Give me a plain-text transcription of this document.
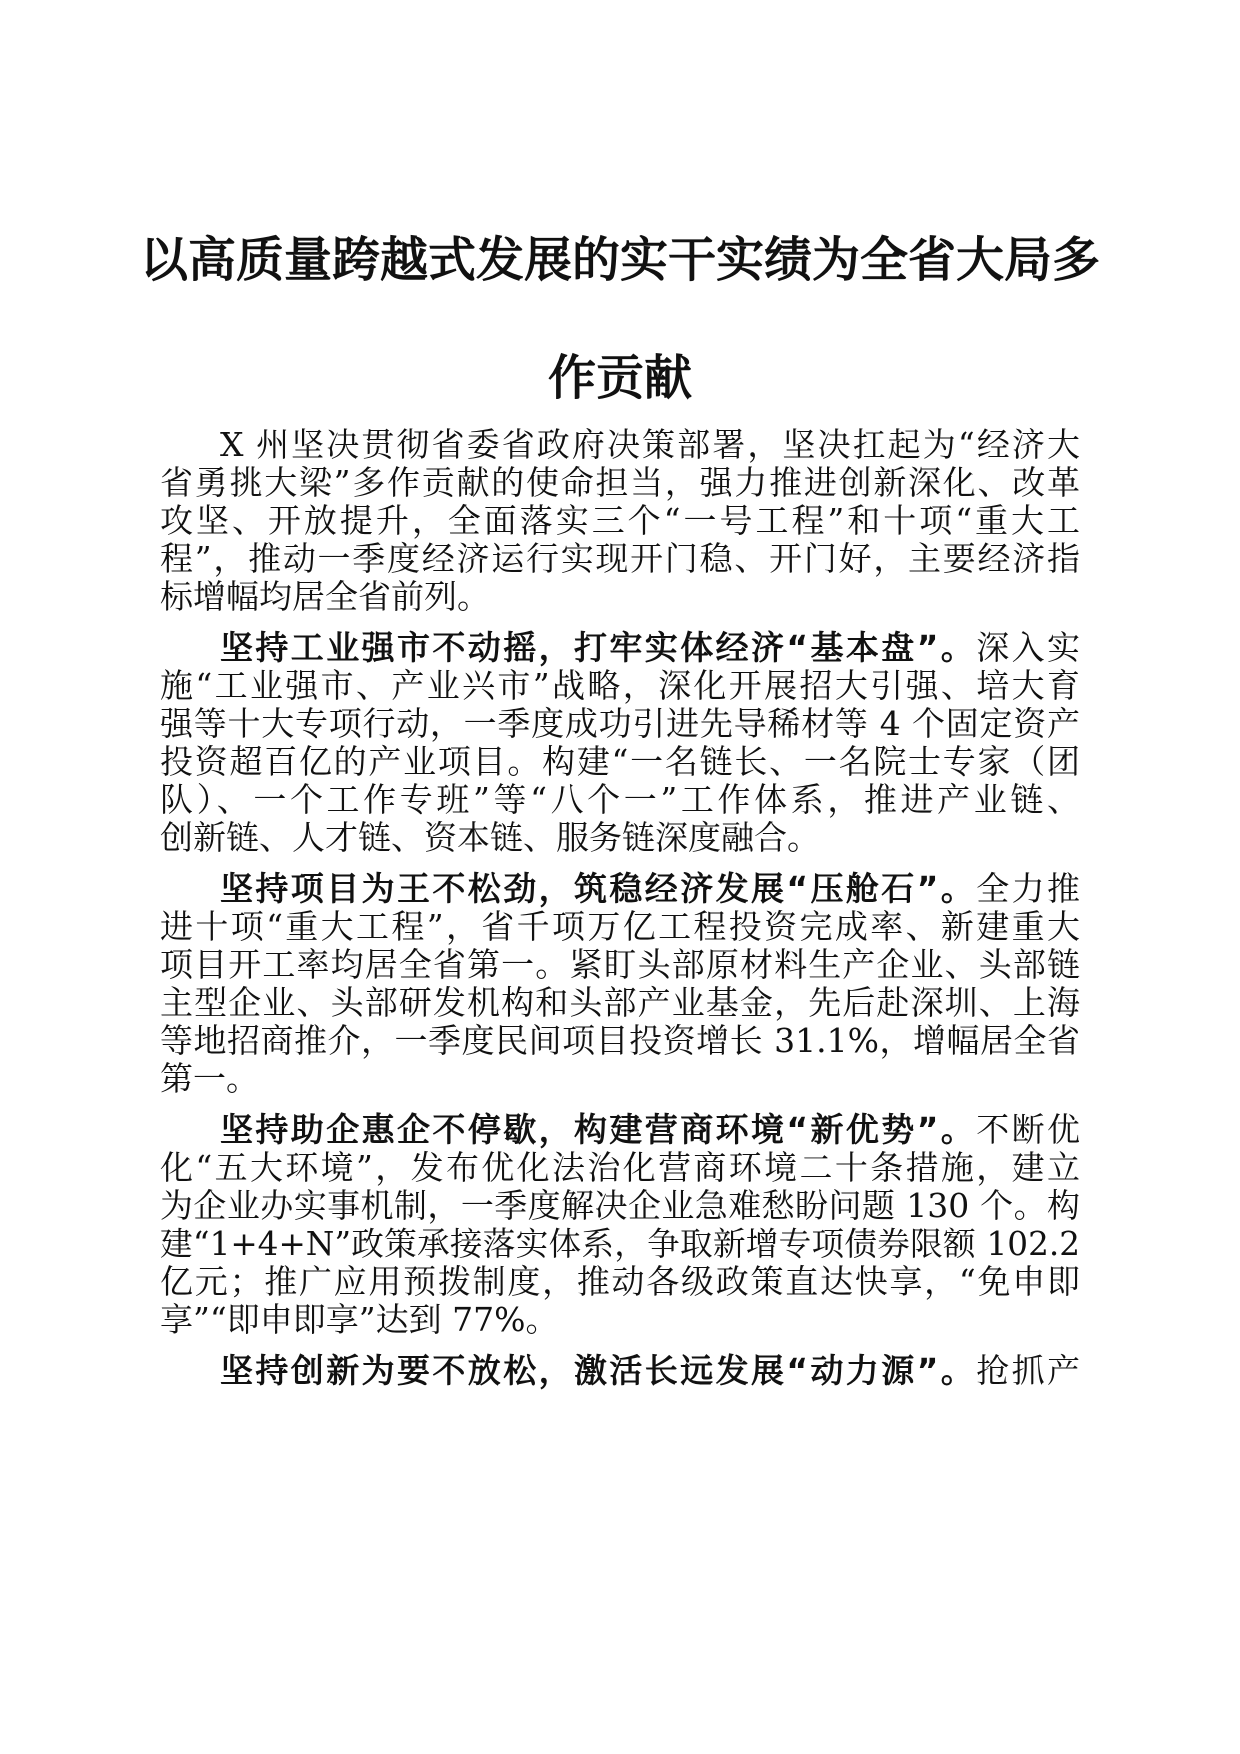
以高质量跨越式发展的实干实绩为全省大局多
作贡献

X 州坚决贯彻省委省政府决策部署，坚决扛起为“经济大

省勇挑大梁”多作贡献的使命担当，强力推进创新深化、改革

攻坚、开放提升，全面落实三个“一号工程”和十项“重大工

程”，推动一季度经济运行实现开门稳、开门好，主要经济指

标增幅均居全省前列。

坚持工业强市不动摇，打牢实体经济“基本盘”。深入实

施“工业强市、产业兴市”战略，深化开展招大引强、培大育

强等十大专项行动，一季度成功引进先导稀材等 4 个固定资产

投资超百亿的产业项目。构建“一名链长、一名院士专家（团

队）、一个工作专班”等“八个一”工作体系，推进产业链、

创新链、人才链、资本链、服务链深度融合。

坚持项目为王不松劲，筑稳经济发展“压舱石”。全力推

进十项“重大工程”，省千项万亿工程投资完成率、新建重大

项目开工率均居全省第一。紧盯头部原材料生产企业、头部链

主型企业、头部研发机构和头部产业基金，先后赴深圳、上海

等地招商推介，一季度民间项目投资增长 31.1%，增幅居全省

第一。

坚持助企惠企不停歇，构建营商环境“新优势”。不断优

化“五大环境”，发布优化法治化营商环境二十条措施，建立

为企业办实事机制，一季度解决企业急难愁盼问题 130 个。构

建“1+4+N”政策承接落实体系，争取新增专项债券限额 102.2

亿元；推广应用预拨制度，推动各级政策直达快享，“免申即

享”“即申即享”达到 77%。

坚持创新为要不放松，激活长远发展“动力源”。抢抓产
